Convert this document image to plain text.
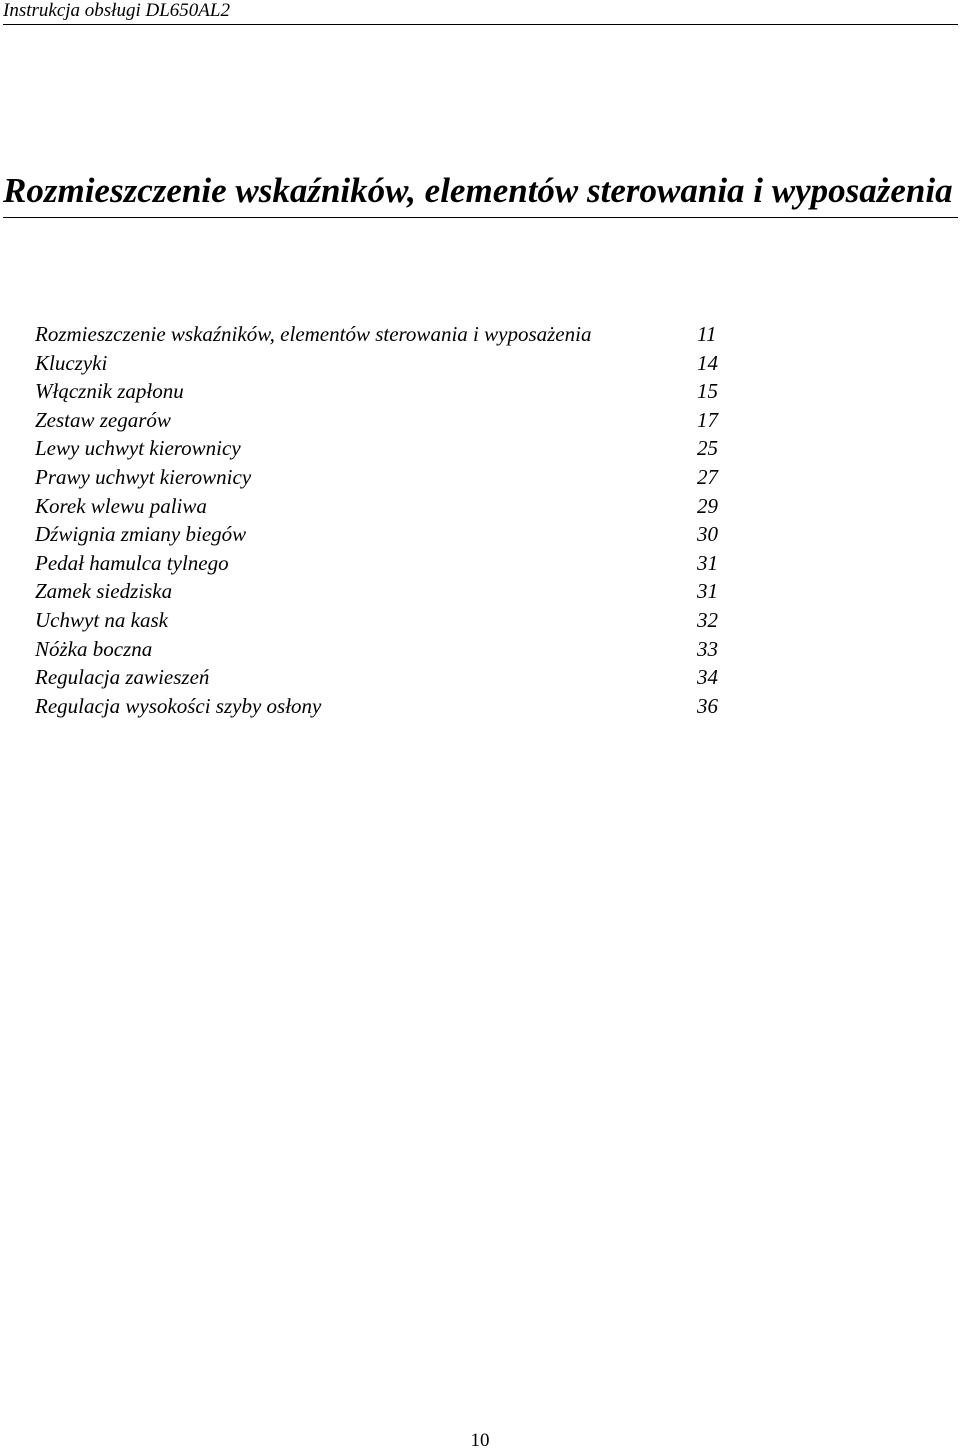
Instrukcja obsługi DL650AL2
Rozmieszczenie wskaźników, elementów sterowania i wyposażenia
Rozmieszczenie wskaźników, elementów sterowania i wyposażenia	11
Kluczyki	14
Włącznik zapłonu	15
Zestaw zegarów	17
Lewy uchwyt kierownicy	25
Prawy uchwyt kierownicy	27
Korek wlewu paliwa	29
Dźwignia zmiany biegów	30
Pedał hamulca tylnego	31
Zamek siedziska	31
Uchwyt na kask	32
Nóżka boczna	33
Regulacja zawieszeń	34
Regulacja wysokości szyby osłony	36
10
